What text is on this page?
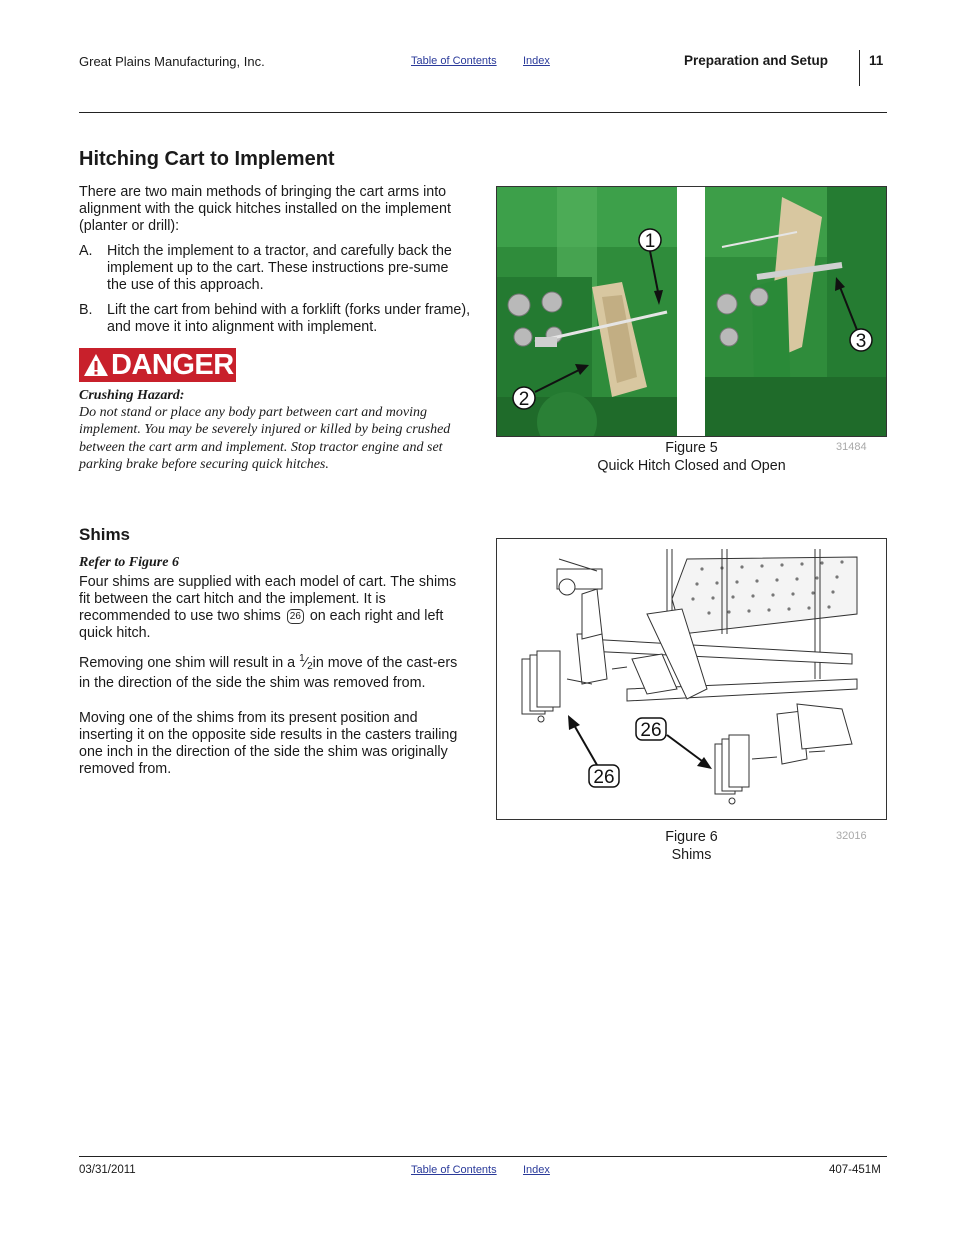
Great Plains Manufacturing, Inc.	Table of Contents Index	Preparation and Setup	11
Hitching Cart to Implement
There are two main methods of bringing the cart arms into alignment with the quick hitches installed on the implement (planter or drill):
A. Hitch the implement to a tractor, and carefully back the implement up to the cart. These instructions pre-sume the use of this approach.
B. Lift the cart from behind with a forklift (forks under frame), and move it into alignment with implement.
DANGER
Crushing Hazard:
Do not stand or place any body part between cart and moving implement. You may be severely injured or killed by being crushed between the cart arm and implement. Stop tractor engine and set parking brake before securing quick hitches.
1
2
3
Figure 5
Quick Hitch Closed and Open
31484
Shims
Refer to Figure 6
Four shims are supplied with each model of cart. The shims fit between the cart hitch and the implement. It is recommended to use two shims 26 on each right and left quick hitch.
Removing one shim will result in a $^1⁄_2in$ move of the cast-ers in the direction of the side the shim was removed from.
Moving one of the shims from its present position and inserting it on the opposite side results in the casters trailing one inch in the direction of the side the shim was originally removed from.
26
26
Figure 6
Shims
32016
03/31/2011	Table of Contents Index	407-451M
